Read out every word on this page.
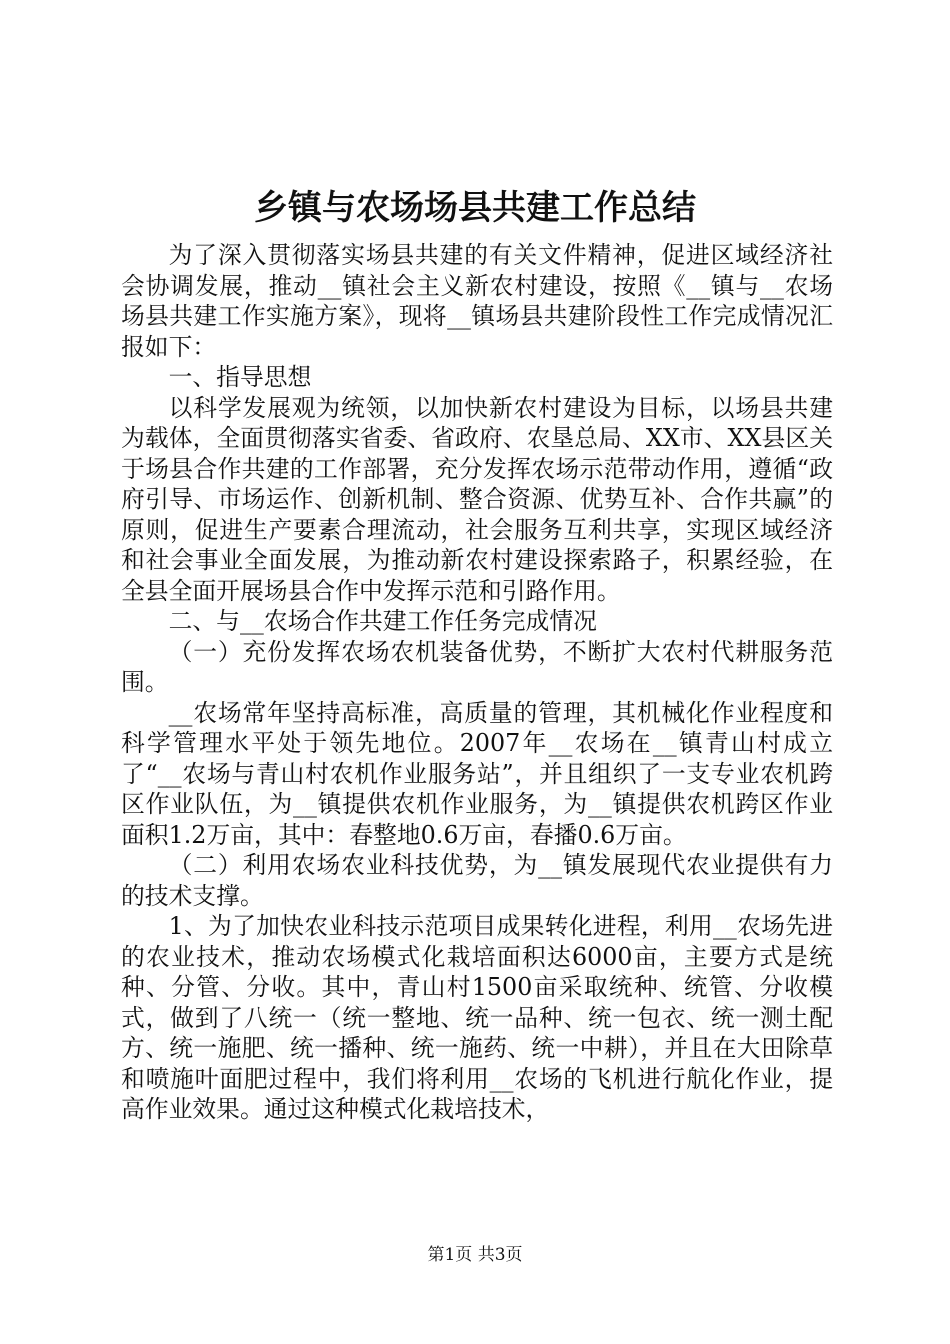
乡镇与农场场县共建工作总结

为了深入贯彻落实场县共建的有关文件精神，促进区域经济社会协调发展，推动__镇社会主义新农村建设，按照《__镇与__农场场县共建工作实施方案》，现将__镇场县共建阶段性工作完成情况汇报如下：

一、指导思想

以科学发展观为统领，以加快新农村建设为目标，以场县共建为载体，全面贯彻落实省委、省政府、农垦总局、XX市、XX县区关于场县合作共建的工作部署，充分发挥农场示范带动作用，遵循“政府引导、市场运作、创新机制、整合资源、优势互补、合作共赢”的原则，促进生产要素合理流动，社会服务互利共享，实现区域经济和社会事业全面发展，为推动新农村建设探索路子，积累经验，在全县全面开展场县合作中发挥示范和引路作用。

二、与__农场合作共建工作任务完成情况

（一）充份发挥农场农机装备优势，不断扩大农村代耕服务范围。

__农场常年坚持高标准，高质量的管理，其机械化作业程度和科学管理水平处于领先地位。2007年__农场在__镇青山村成立了“__农场与青山村农机作业服务站”，并且组织了一支专业农机跨区作业队伍，为__镇提供农机作业服务，为__镇提供农机跨区作业面积1.2万亩，其中：春整地0.6万亩，春播0.6万亩。

（二）利用农场农业科技优势，为__镇发展现代农业提供有力的技术支撑。

1、为了加快农业科技示范项目成果转化进程，利用__农场先进的农业技术，推动农场模式化栽培面积达6000亩，主要方式是统种、分管、分收。其中，青山村1500亩采取统种、统管、分收模式，做到了八统一（统一整地、统一品种、统一包衣、统一测土配方、统一施肥、统一播种、统一施药、统一中耕），并且在大田除草和喷施叶面肥过程中，我们将利用__农场的飞机进行航化作业，提高作业效果。通过这种模式化栽培技术，

第1页 共3页
